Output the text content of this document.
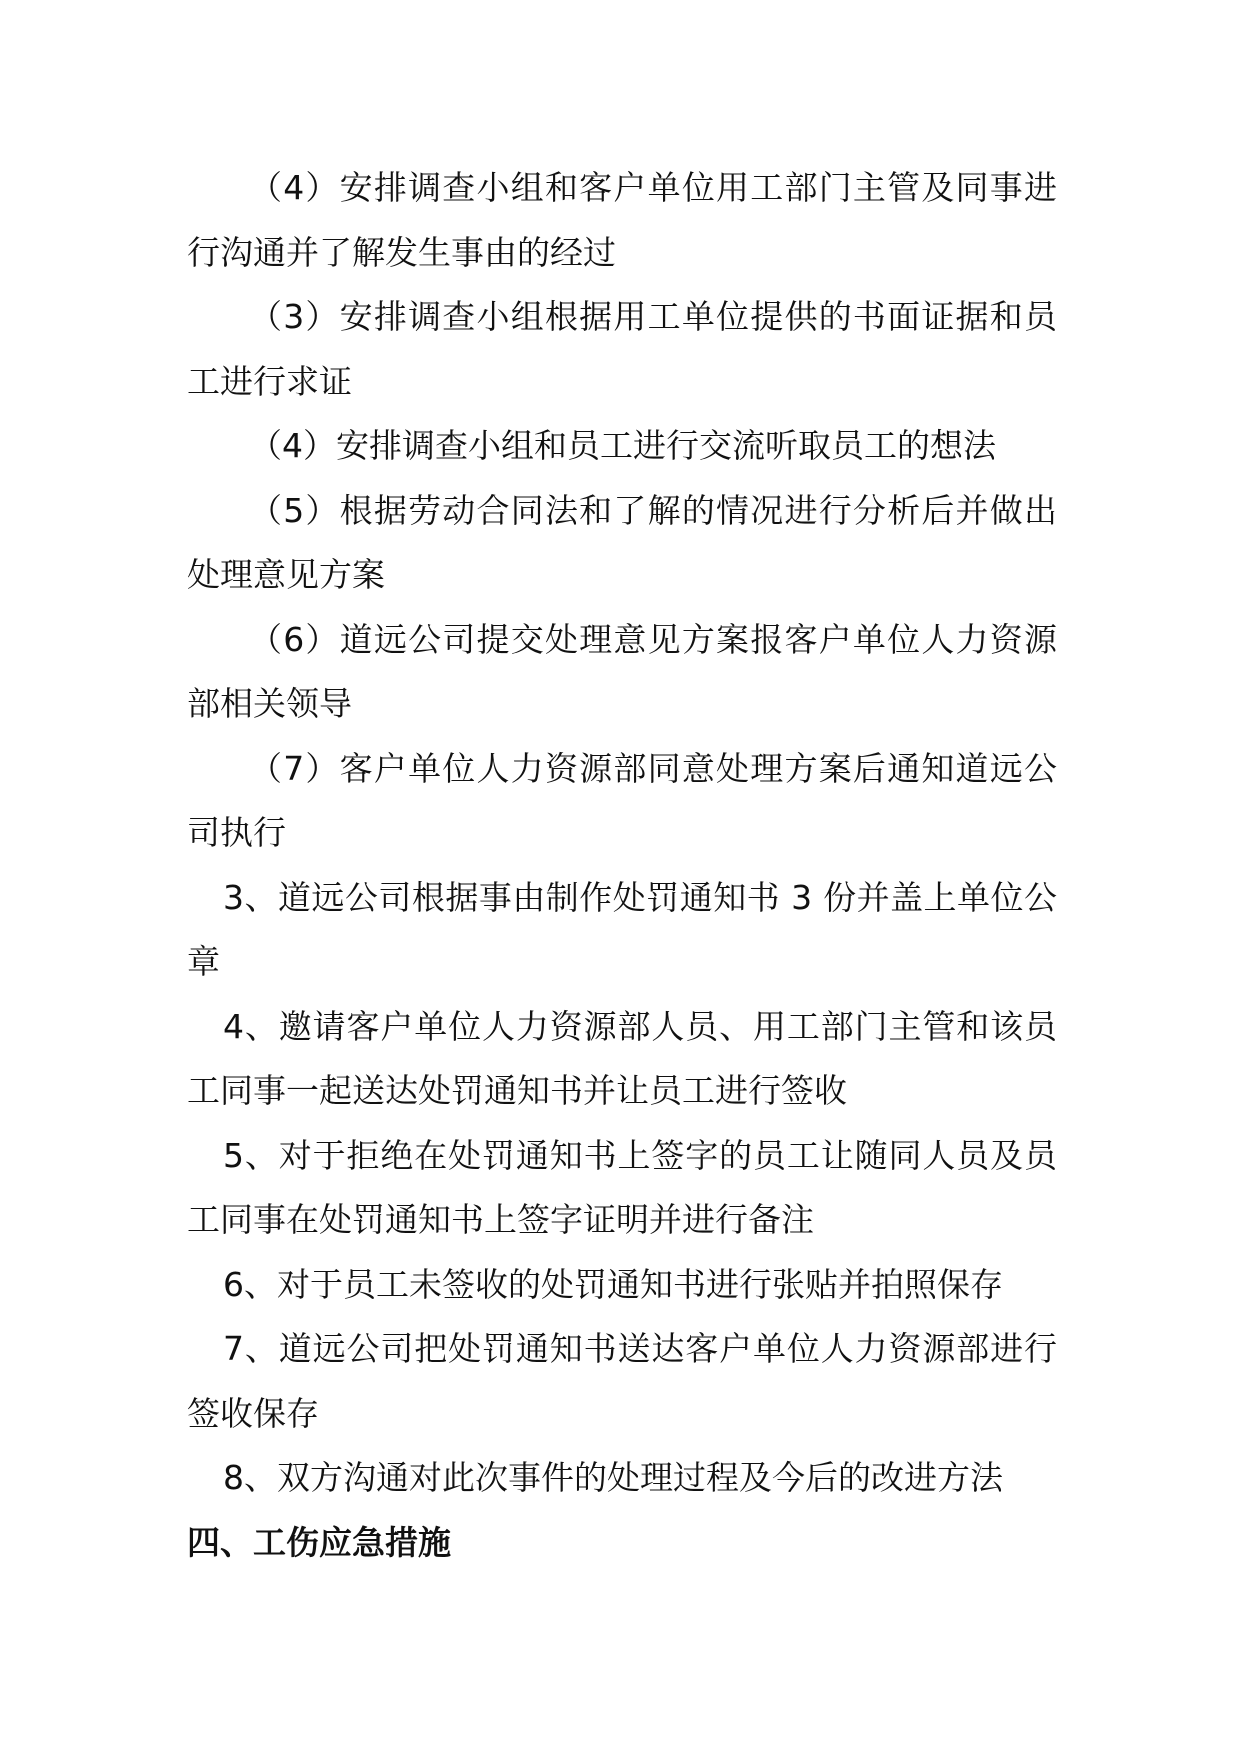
（4）安排调查小组和客户单位用工部门主管及同事进行沟通并了解发生事由的经过

（3）安排调查小组根据用工单位提供的书面证据和员工进行求证

（4）安排调查小组和员工进行交流听取员工的想法

（5）根据劳动合同法和了解的情况进行分析后并做出处理意见方案

（6）道远公司提交处理意见方案报客户单位人力资源部相关领导

（7）客户单位人力资源部同意处理方案后通知道远公司执行

3、道远公司根据事由制作处罚通知书 3 份并盖上单位公章

4、邀请客户单位人力资源部人员、用工部门主管和该员工同事一起送达处罚通知书并让员工进行签收

5、对于拒绝在处罚通知书上签字的员工让随同人员及员工同事在处罚通知书上签字证明并进行备注

6、对于员工未签收的处罚通知书进行张贴并拍照保存

7、道远公司把处罚通知书送达客户单位人力资源部进行签收保存

8、双方沟通对此次事件的处理过程及今后的改进方法

四、工伤应急措施
